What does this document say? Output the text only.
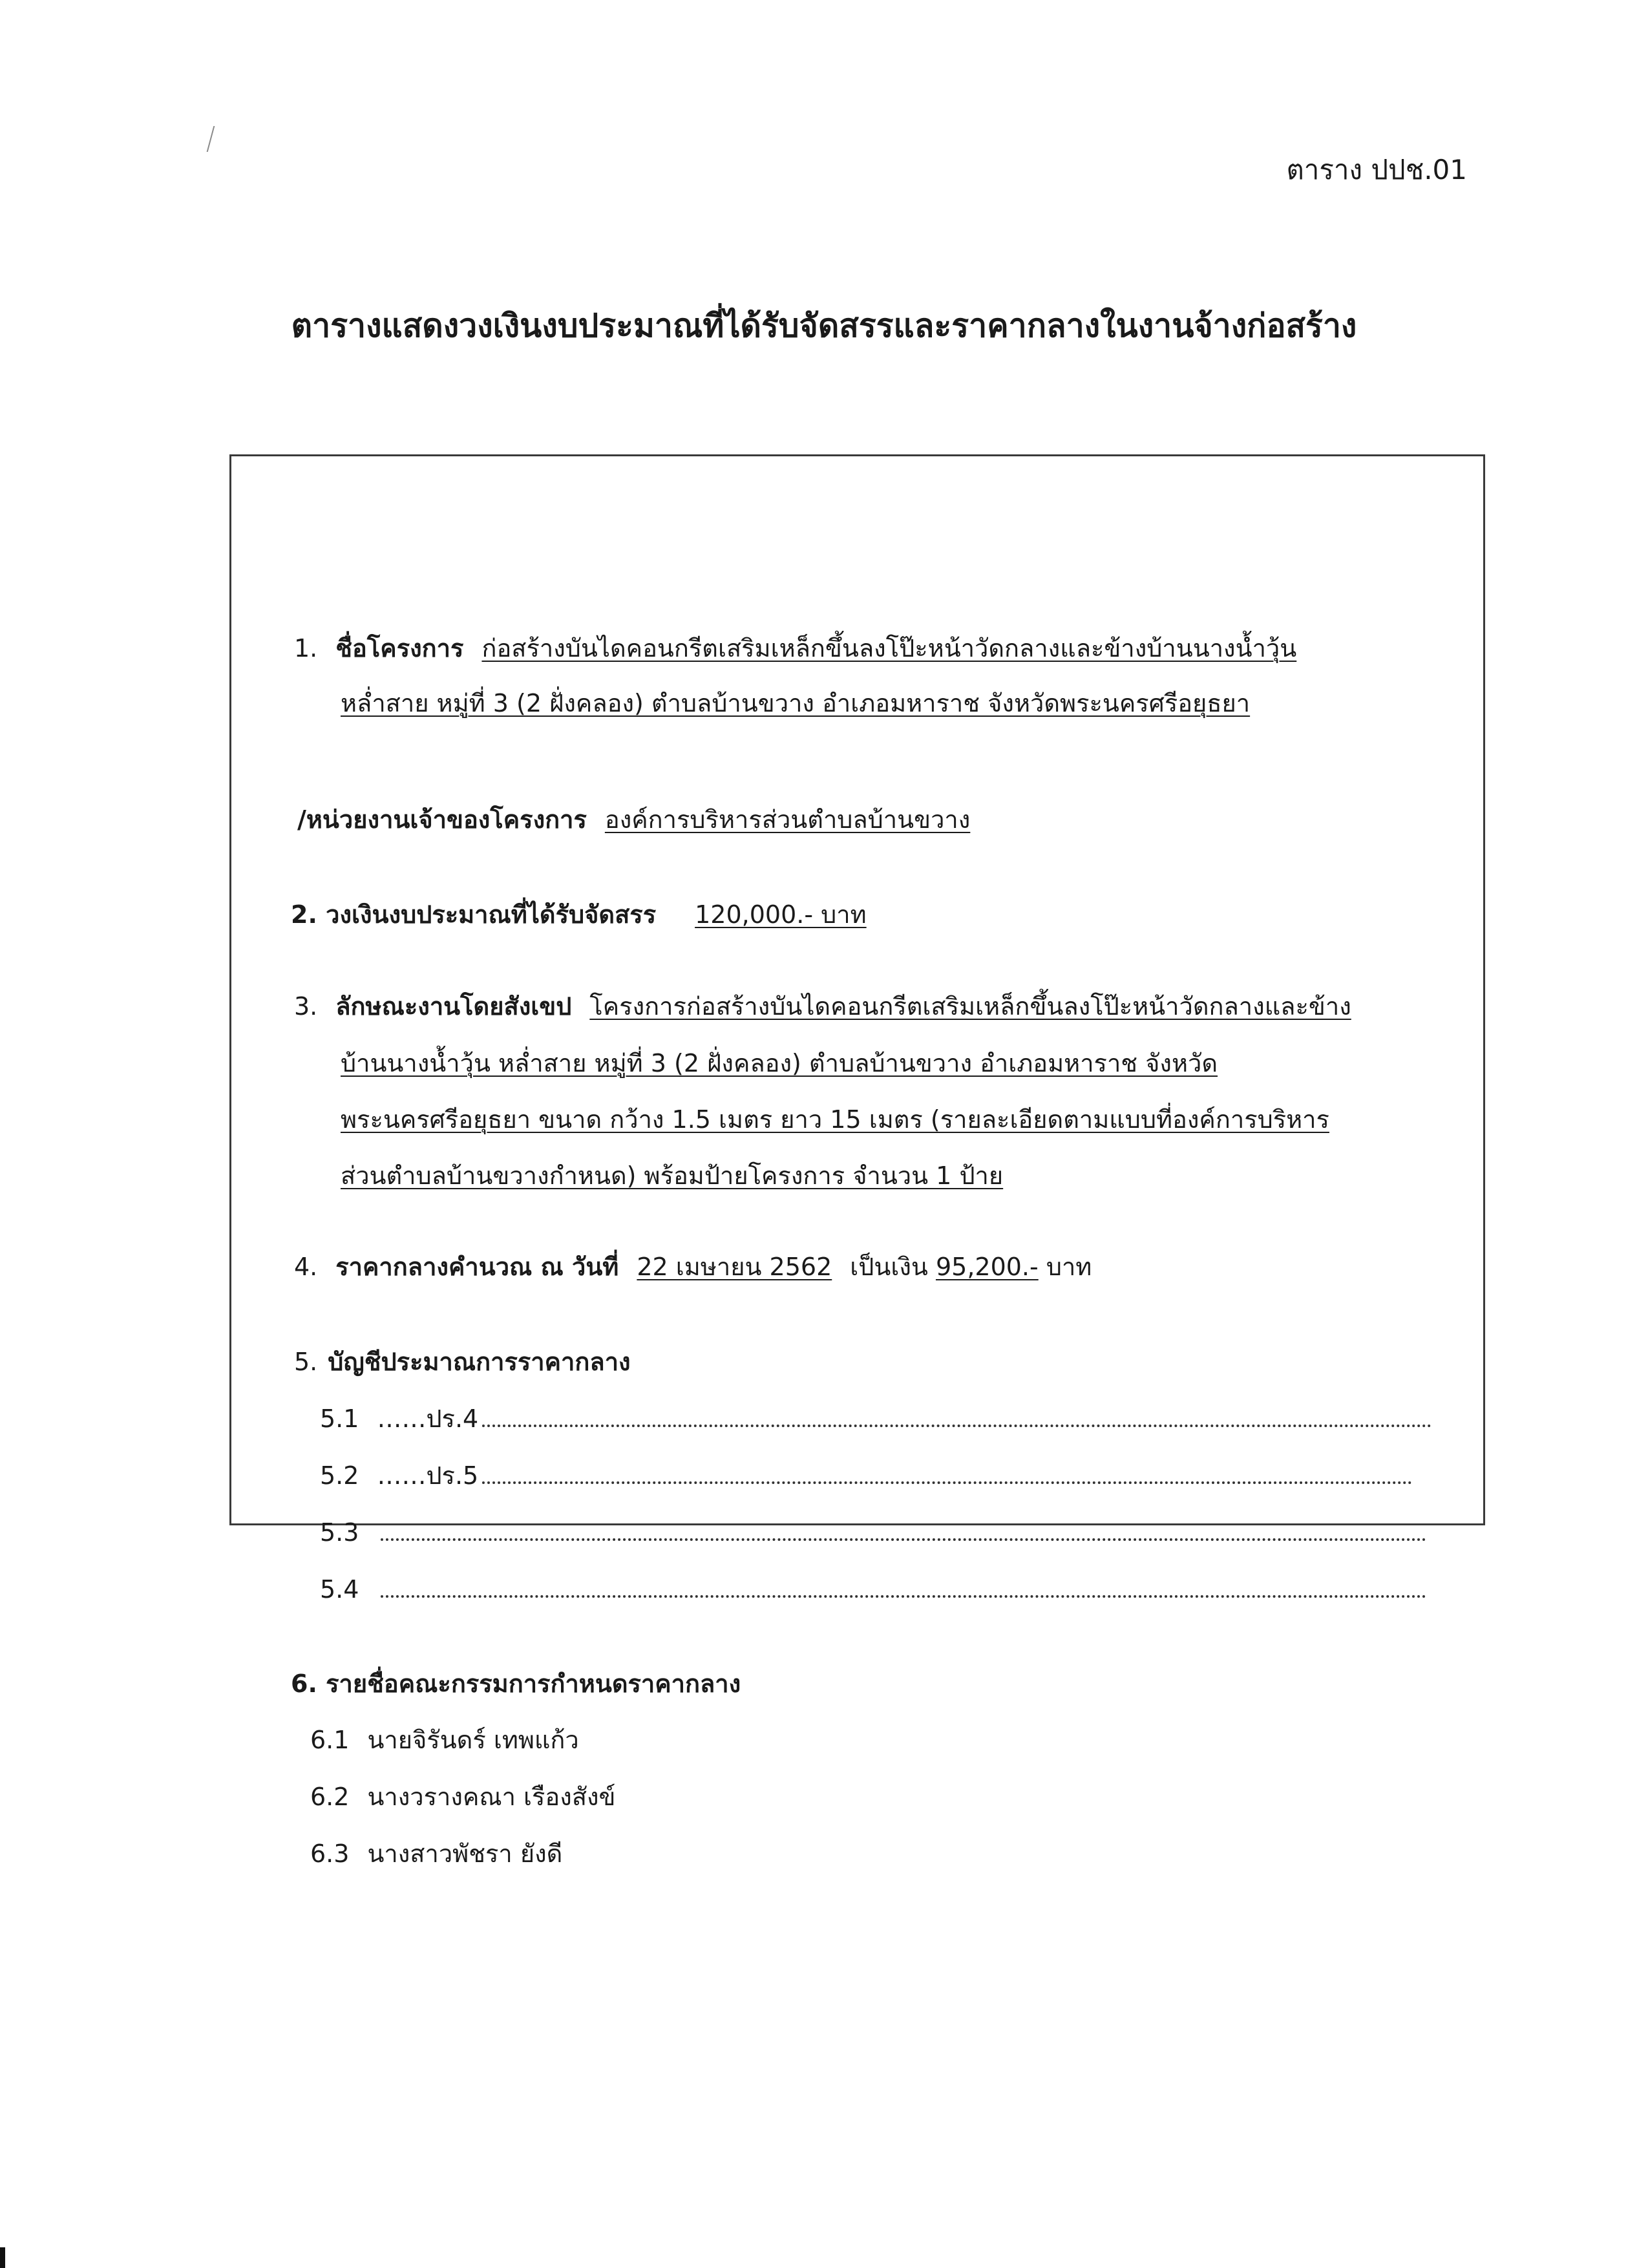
ตาราง ปปช.01
ตารางแสดงวงเงินงบประมาณที่ได้รับจัดสรรและราคากลางในงานจ้างก่อสร้าง
1. ชื่อโครงการ ก่อสร้างบันไดคอนกรีตเสริมเหล็กขึ้นลงโป๊ะหน้าวัดกลางและข้างบ้านนางน้ำวุ้น
หล่ำสาย หมู่ที่ 3 (2 ฝั่งคลอง) ตำบลบ้านขวาง อำเภอมหาราช จังหวัดพระนครศรีอยุธยา
/หน่วยงานเจ้าของโครงการ องค์การบริหารส่วนตำบลบ้านขวาง
2. วงเงินงบประมาณที่ได้รับจัดสรร 120,000.- บาท
3. ลักษณะงานโดยสังเขป โครงการก่อสร้างบันไดคอนกรีตเสริมเหล็กขึ้นลงโป๊ะหน้าวัดกลางและข้าง
บ้านนางน้ำวุ้น หล่ำสาย หมู่ที่ 3 (2 ฝั่งคลอง) ตำบลบ้านขวาง อำเภอมหาราช จังหวัด
พระนครศรีอยุธยา ขนาด กว้าง 1.5 เมตร ยาว 15 เมตร (รายละเอียดตามแบบที่องค์การบริหาร
ส่วนตำบลบ้านขวางกำหนด) พร้อมป้ายโครงการ จำนวน 1 ป้าย
4. ราคากลางคำนวณ ณ วันที่ 22 เมษายน 2562 เป็นเงิน 95,200.- บาท
5. บัญชีประมาณการราคากลาง
5.1 ……ปร.4
5.2 ……ปร.5
5.3
5.4
6. รายชื่อคณะกรรมการกำหนดราคากลาง
6.1 นายจิรันดร์ เทพแก้ว
6.2 นางวรางคณา เรืองสังข์
6.3 นางสาวพัชรา ยังดี
